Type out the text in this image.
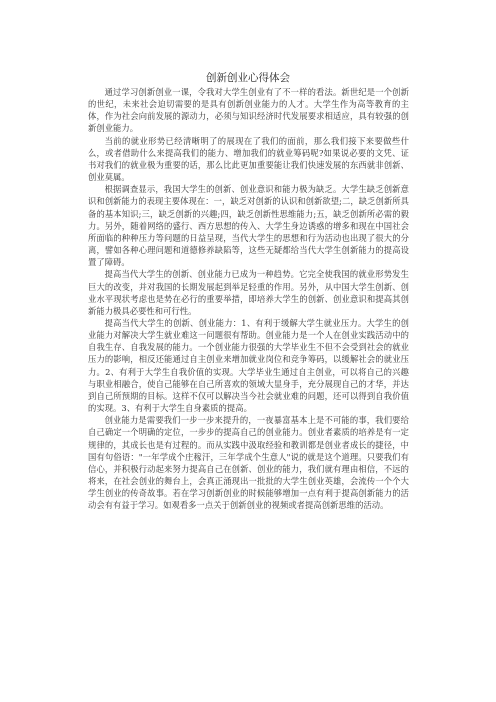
创新创业心得体会

通过学习创新创业一课，令我对大学生创业有了不一样的看法。新世纪是一个创新的世纪，未来社会迫切需要的是具有创新创业能力的人才。大学生作为高等教育的主体，作为社会向前发展的源动力，必须与知识经济时代发展要求相适应，具有较强的创新创业能力。

当前的就业形势已经清晰明了的展现在了我们的面前，那么我们接下来要做些什么，或者借助什么来提高我们的能力、增加我们的就业筹码呢?如果说必要的文凭、证书对我们的就业极为重要的话，那么比此更加重要能让我们快速发展的东西就非创新、创业莫属。

根据调查显示，我国大学生的创新、创业意识和能力极为缺乏。大学生缺乏创新意识和创新能力的表现主要体现在：一，缺乏对创新的认识和创新欲望;二，缺乏创新所具备的基本知识;三，缺乏创新的兴趣;四，缺乏创新性思维能力;五，缺乏创新所必需的毅力。另外，随着网络的盛行、西方思想的传入、大学生身边诱惑的增多和现在中国社会所面临的种种压力等问题的日益呈现，当代大学生的思想和行为活动也出现了很大的分离，譬如各种心理问题和道德修养缺陷等，这些无疑都给当代大学生创新能力的提高设置了障碍。

提高当代大学生的创新、创业能力已成为一种趋势。它完全使我国的就业形势发生巨大的改变，并对我国的长期发展起到举足轻重的作用。另外，从中国大学生创新、创业水平现状考虑也是势在必行的重要举措，即培养大学生的创新、创业意识和提高其创新能力极具必要性和可行性。

提高当代大学生的创新、创业能力：1、有利于缓解大学生就业压力。大学生的创业能力对解决大学生就业难这一问题很有帮助。创业能力是一个人在创业实践活动中的自我生存、自我发展的能力。一个创业能力很强的大学毕业生不但不会受到社会的就业压力的影响，相反还能通过自主创业来增加就业岗位和竞争筹码，以缓解社会的就业压力。2、有利于大学生自我价值的实现。大学毕业生通过自主创业，可以将自己的兴趣与职业相融合，使自己能够在自己所喜欢的领域大显身手，充分展现自己的才华，并达到自己所预期的目标。这样不仅可以解决当今社会就业难的问题，还可以得到自我价值的实现。3、有利于大学生自身素质的提高。

创业能力是需要我们一步一步来提升的，一夜暴富基本上是不可能的事，我们要给自己确定一个明确的定位，一步步的提高自己的创业能力。创业者素质的培养是有一定规律的，其成长也是有过程的。而从实践中汲取经验和教训都是创业者成长的捷径，中国有句俗语："一年学成个庄稼汗，三年学成个生意人"说的就是这个道理。只要我们有信心，并积极行动起来努力提高自己在创新、创业的能力，我们就有理由相信，不远的将来，在社会创业的舞台上，会真正涌现出一批批的大学生创业英雄，会流传一个个大学生创业的传奇故事。若在学习创新创业的时候能够增加一点有利于提高创新能力的活动会有有益于学习。如观看多一点关于创新创业的视频或者提高创新思维的活动。
